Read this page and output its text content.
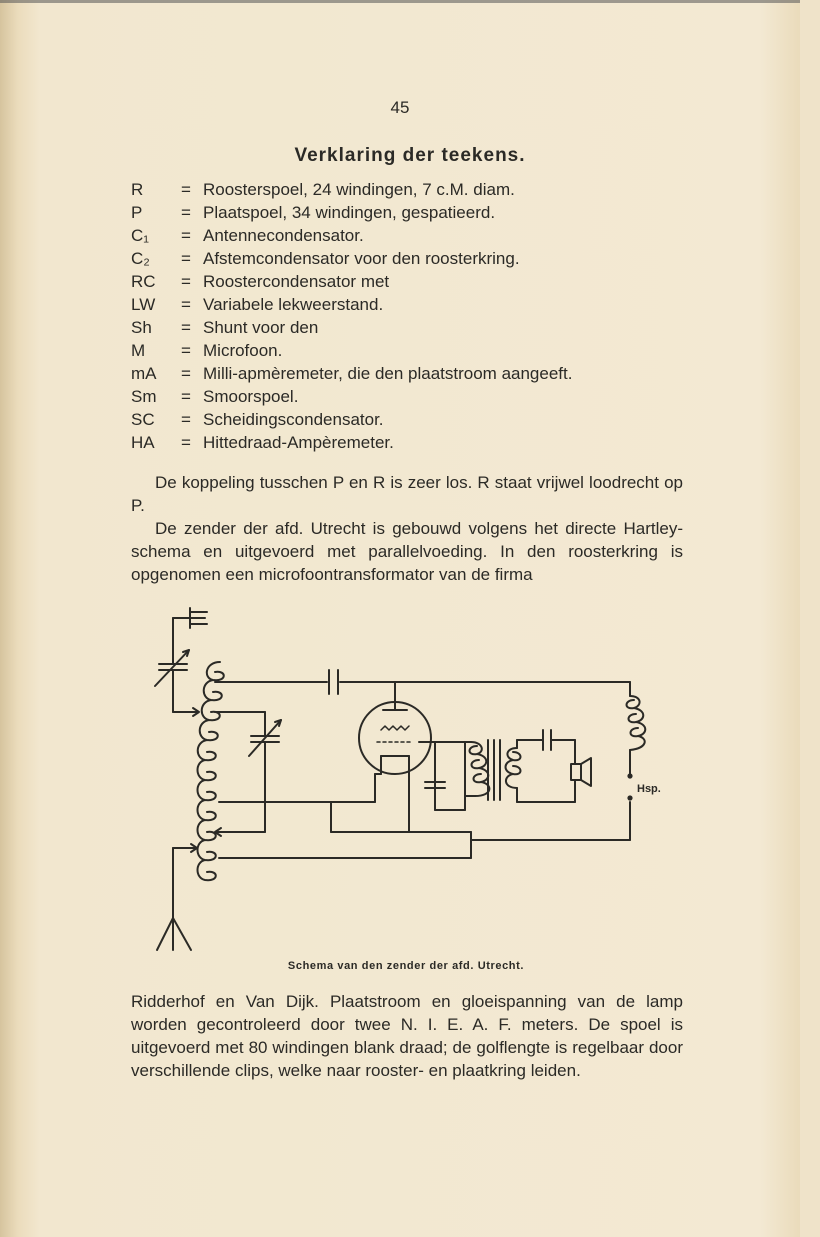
45
Verklaring der teekens.
R	= Roosterspoel, 24 windingen, 7 c.M. diam.
P	= Plaatspoel, 34 windingen, gespatieerd.
C₁	= Antennecondensator.
C₂	= Afstemcondensator voor den roosterkring.
RC	= Roostercondensator met
LW	= Variabele lekweerstand.
Sh	= Shunt voor den
M	= Microfoon.
mA	= Milli-apmèremeter, die den plaatstroom aangeeft.
Sm	= Smoorspoel.
SC	= Scheidingscondensator.
HA	= Hittedraad-Ampèremeter.
De koppeling tusschen P en R is zeer los. R staat vrijwel loodrecht op P.
De zender der afd. Utrecht is gebouwd volgens het directe Hartley-schema en uitgevoerd met parallelvoeding. In den roosterkring is opgenomen een microfoontransformator van de firma
Hsp.
Schema van den zender der afd. Utrecht.
Ridderhof en Van Dijk. Plaatstroom en gloeispanning van de lamp worden gecontroleerd door twee N. I. E. A. F. meters. De spoel is uitgevoerd met 80 windingen blank draad; de golflengte is regelbaar door verschillende clips, welke naar rooster- en plaatkring leiden.
